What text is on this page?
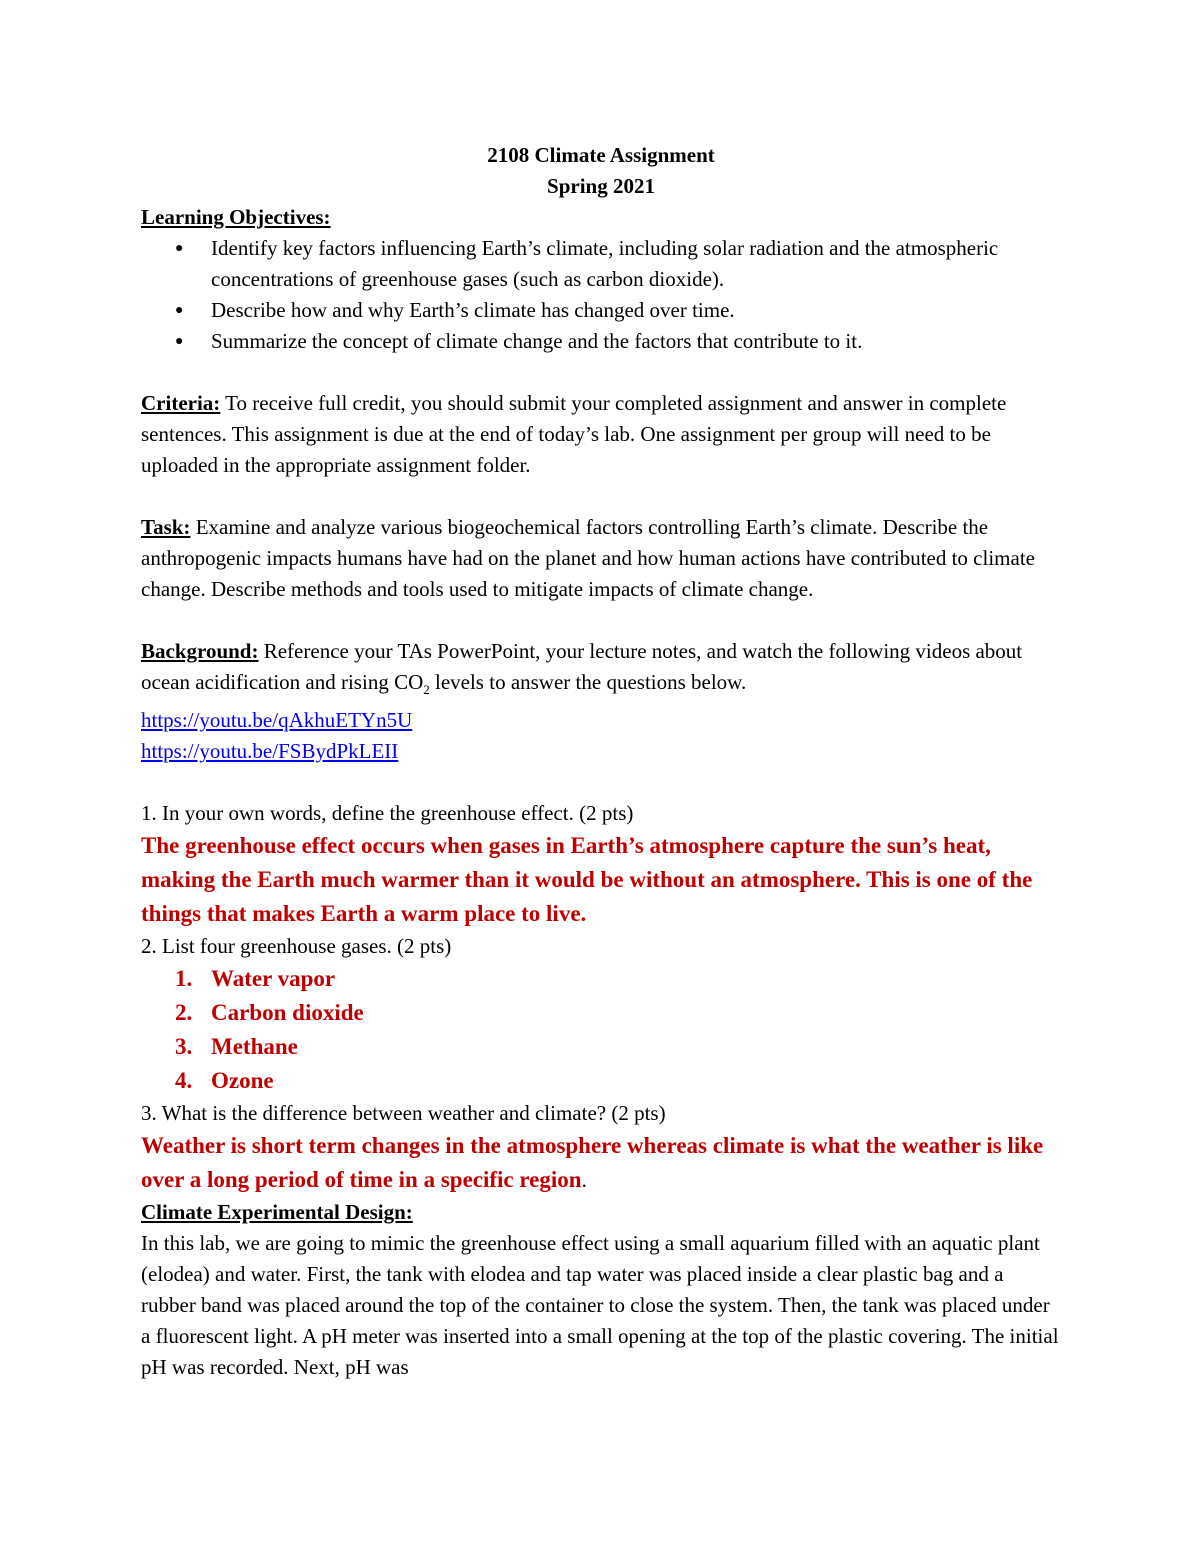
2108 Climate Assignment
Spring 2021
Learning Objectives:
● Identify key factors influencing Earth’s climate, including solar radiation and the atmospheric concentrations of greenhouse gases (such as carbon dioxide).
● Describe how and why Earth’s climate has changed over time.
● Summarize the concept of climate change and the factors that contribute to it.

Criteria: To receive full credit, you should submit your completed assignment and answer in complete sentences. This assignment is due at the end of today’s lab. One assignment per group will need to be uploaded in the appropriate assignment folder.

Task: Examine and analyze various biogeochemical factors controlling Earth’s climate. Describe the anthropogenic impacts humans have had on the planet and how human actions have contributed to climate change. Describe methods and tools used to mitigate impacts of climate change.

Background: Reference your TAs PowerPoint, your lecture notes, and watch the following videos about ocean acidification and rising $CO_2$ levels to answer the questions below.

https://youtu.be/qAkhuETYn5U
https://youtu.be/FSBydPkLEII

1. In your own words, define the greenhouse effect. (2 pts)

The greenhouse effect occurs when gases in Earth’s atmosphere capture the sun’s heat, making the Earth much warmer than it would be without an atmosphere. This is one of the things that makes Earth a warm place to live.

2. List four greenhouse gases. (2 pts)

1. Water vapor
2. Carbon dioxide
3. Methane
4. Ozone

3. What is the difference between weather and climate? (2 pts)

Weather is short term changes in the atmosphere whereas climate is what the weather is like over a long period of time in a specific region.

Climate Experimental Design:

In this lab, we are going to mimic the greenhouse effect using a small aquarium filled with an aquatic plant (elodea) and water. First, the tank with elodea and tap water was placed inside a clear plastic bag and a rubber band was placed around the top of the container to close the system. Then, the tank was placed under a fluorescent light. A pH meter was inserted into a small opening at the top of the plastic covering. The initial pH was recorded. Next, pH was
